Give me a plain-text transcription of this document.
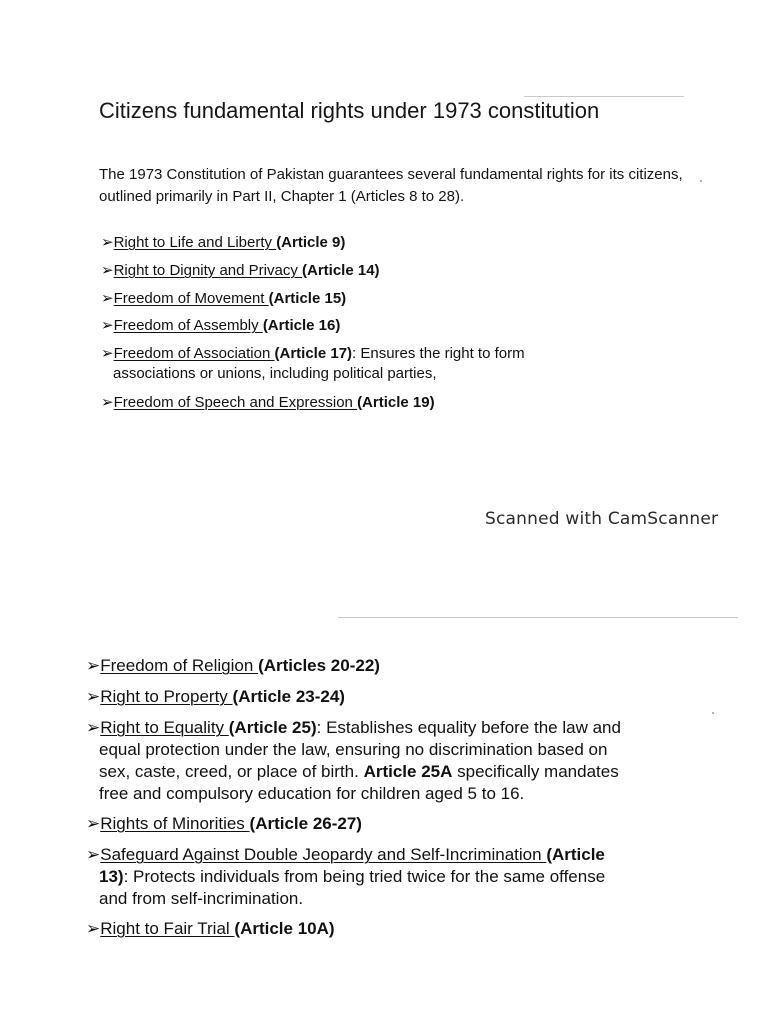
Citizens fundamental rights under 1973 constitution

The 1973 Constitution of Pakistan guarantees several fundamental rights for its citizens, outlined primarily in Part II, Chapter 1 (Articles 8 to 28).

➢Right to Life and Liberty (Article 9)
➢Right to Dignity and Privacy (Article 14)
➢Freedom of Movement (Article 15)
➢Freedom of Assembly (Article 16)
➢Freedom of Association (Article 17): Ensures the right to form
associations or unions, including political parties,
➢Freedom of Speech and Expression (Article 19)
Scanned with CamScanner
➢Freedom of Religion (Articles 20-22)
➢Right to Property (Article 23-24)
➢Right to Equality (Article 25): Establishes equality before the law and
equal protection under the law, ensuring no discrimination based on
sex, caste, creed, or place of birth. Article 25A specifically mandates
free and compulsory education for children aged 5 to 16.
➢Rights of Minorities (Article 26-27)
➢Safeguard Against Double Jeopardy and Self-Incrimination (Article
13): Protects individuals from being tried twice for the same offense
and from self-incrimination.
➢Right to Fair Trial (Article 10A)
